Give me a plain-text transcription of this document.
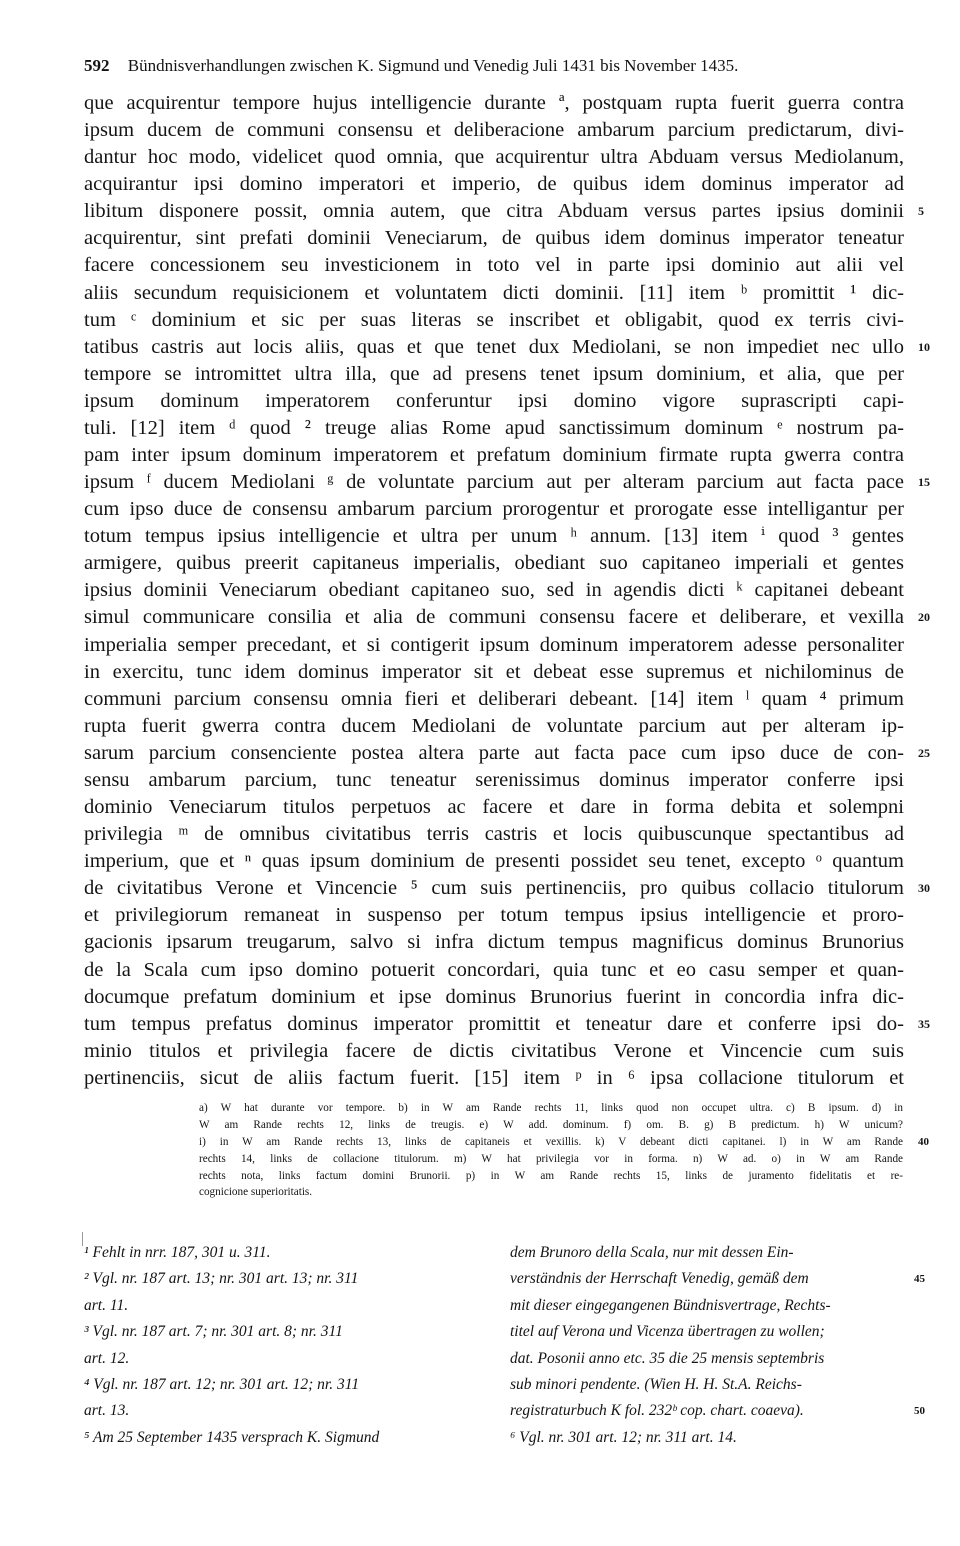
592 Bündnisverhandlungen zwischen K. Sigmund und Venedig Juli 1431 bis November 1435.
que acquirentur tempore hujus intelligencie durante ª, postquam rupta fuerit guerra contra
ipsum ducem de communi consensu et deliberacione ambarum parcium predictarum, divi-
dantur hoc modo, videlicet quod omnia, que acquirentur ultra Abduam versus Mediolanum,
acquirantur ipsi domino imperatori et imperio, de quibus idem dominus imperator ad
libitum disponere possit, omnia autem, que citra Abduam versus partes ipsius dominii 5
acquirentur, sint prefati dominii Veneciarum, de quibus idem dominus imperator teneatur
facere concessionem seu investicionem in toto vel in parte ipsi dominio aut alii vel
aliis secundum requisicionem et voluntatem dicti dominii. [11] item ᵇ promittit ¹ dic-
tum ᶜ dominium et sic per suas literas se inscribet et obligabit, quod ex terris civi-
tatibus castris aut locis aliis, quas et que tenet dux Mediolani, se non impediet nec ullo 10
tempore se intromittet ultra illa, que ad presens tenet ipsum dominium, et alia, que per
ipsum dominum imperatorem conferuntur ipsi domino vigore suprascripti capi-
tuli. [12] item ᵈ quod ² treuge alias Rome apud sanctissimum dominum ᵉ nostrum pa-
pam inter ipsum dominum imperatorem et prefatum dominium firmate rupta gwerra contra
ipsum ᶠ ducem Mediolani ᵍ de voluntate parcium aut per alteram parcium aut facta pace 15
cum ipso duce de consensu ambarum parcium prorogentur et prorogate esse intelligantur per
totum tempus ipsius intelligencie et ultra per unum ʰ annum. [13] item ⁱ quod ³ gentes
armigere, quibus preerit capitaneus imperialis, obediant suo capitaneo imperiali et gentes
ipsius dominii Veneciarum obediant capitaneo suo, sed in agendis dicti ᵏ capitanei debeant
simul communicare consilia et alia de communi consensu facere et deliberare, et vexilla 20
imperialia semper precedant, et si contigerit ipsum dominum imperatorem adesse personaliter
in exercitu, tunc idem dominus imperator sit et debeat esse supremus et nichilominus de
communi parcium consensu omnia fieri et deliberari debeant. [14] item ˡ quam ⁴ primum
rupta fuerit gwerra contra ducem Mediolani de voluntate parcium aut per alteram ip-
sarum parcium consenciente postea altera parte aut facta pace cum ipso duce de con- 25
sensu ambarum parcium, tunc teneatur serenissimus dominus imperator conferre ipsi
dominio Veneciarum titulos perpetuos ac facere et dare in forma debita et solempni
privilegia ᵐ de omnibus civitatibus terris castris et locis quibuscunque spectantibus ad
imperium, que et ⁿ quas ipsum dominium de presenti possidet seu tenet, excepto ᵒ quantum
de civitatibus Verone et Vincencie ⁵ cum suis pertinenciis, pro quibus collacio titulorum 30
et privilegiorum remaneat in suspenso per totum tempus ipsius intelligencie et proro-
gacionis ipsarum treugarum, salvo si infra dictum tempus magnificus dominus Brunorius
de la Scala cum ipso domino potuerit concordari, quia tunc et eo casu semper et quan-
documque prefatum dominium et ipse dominus Brunorius fuerint in concordia infra dic-
tum tempus prefatus dominus imperator promittit et teneatur dare et conferre ipsi do- 35
minio titulos et privilegia facere de dictis civitatibus Verone et Vincencie cum suis
pertinenciis, sicut de aliis factum fuerit. [15] item ᵖ in ⁶ ipsa collacione titulorum et
a) W hat durante vor tempore. b) in W am Rande rechts 11, links quod non occupet ultra. c) B ipsum. d) in
W am Rande rechts 12, links de treugis. e) W add. dominum. f) om. B. g) B predictum. h) W unicum?
i) in W am Rande rechts 13, links de capitaneis et vexillis. k) V debeant dicti capitanei. l) in W am Rande 40
rechts 14, links de collacione titulorum. m) W hat privilegia vor in forma. n) W ad. o) in W am Rande
rechts nota, links factum domini Brunorii. p) in W am Rande rechts 15, links de juramento fidelitatis et re-
cognicione superioritatis.
¹ Fehlt in nrr. 187, 301 u. 311.
² Vgl. nr. 187 art. 13; nr. 301 art. 13; nr. 311
art. 11.
³ Vgl. nr. 187 art. 7; nr. 301 art. 8; nr. 311
art. 12.
⁴ Vgl. nr. 187 art. 12; nr. 301 art. 12; nr. 311
art. 13.
⁵ Am 25 September 1435 versprach K. Sigmund
dem Brunoro della Scala, nur mit dessen Ein-
verständnis der Herrschaft Venedig, gemäß dem	45
mit dieser eingegangenen Bündnisvertrage, Rechts-
titel auf Verona und Vicenza übertragen zu wollen;
dat. Posonii anno etc. 35 die 25 mensis septembris
sub minori pendente. (Wien H. H. St.A. Reichs-
registraturbuch K fol. 232ᵇ cop. chart. coaeva).	50
⁶ Vgl. nr. 301 art. 12; nr. 311 art. 14.
